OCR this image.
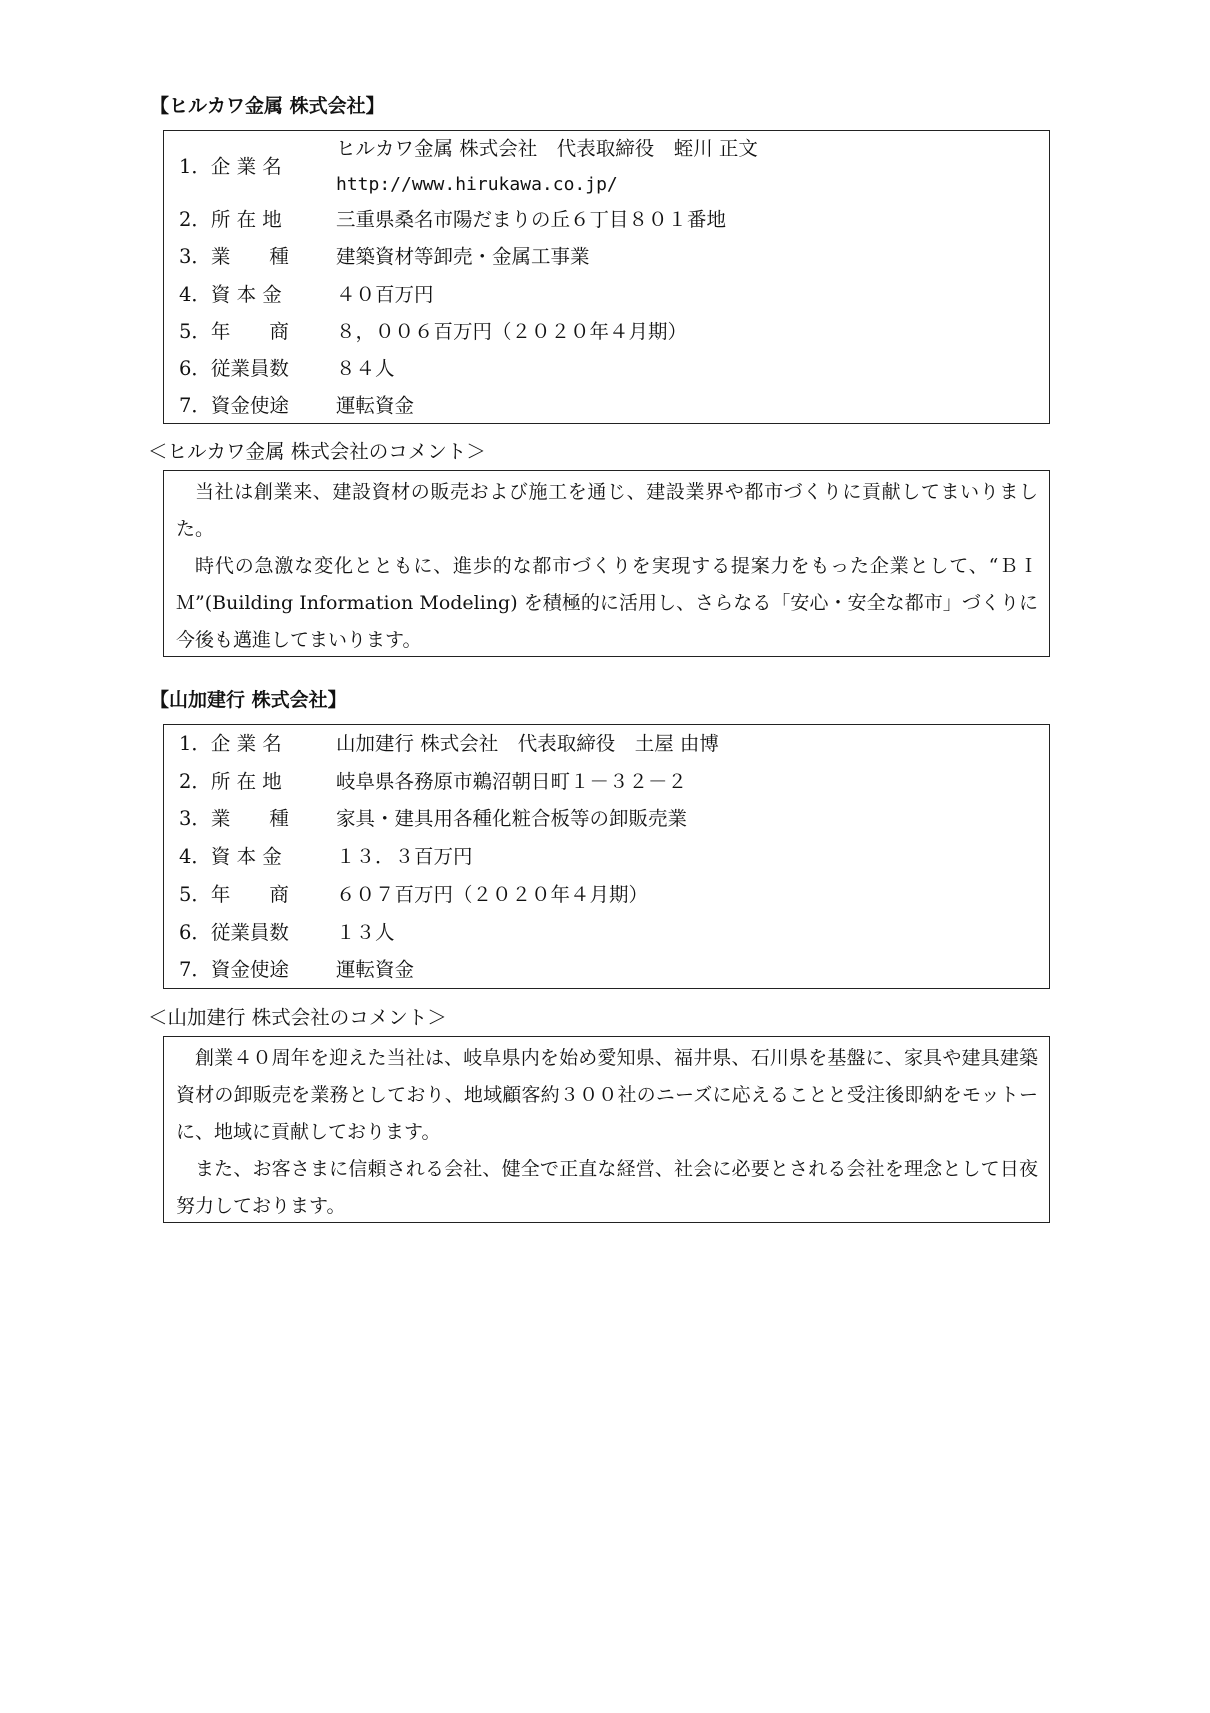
【ヒルカワ金属 株式会社】
1．企 業 名
ヒルカワ金属 株式会社　代表取締役　蛭川 正文
http://www.hirukawa.co.jp/
2．所 在 地	三重県桑名市陽だまりの丘６丁目８０１番地
3．業　　種 建築資材等卸売・金属工事業
4．資 本 金	４０百万円
5．年　　商 ８，００６百万円（２０２０年４月期）
6．従業員数 ８４人
7．資金使途 運転資金
＜ヒルカワ金属 株式会社のコメント＞

当社は創業来、建設資材の販売および施工を通じ、建設業界や都市づくりに貢献してまいりました。

時代の急激な変化とともに、進歩的な都市づくりを実現する提案力をもった企業として、“ＢＩＭ”(Building Information Modeling) を積極的に活用し、さらなる「安心・安全な都市」づくりに今後も邁進してまいります。

【山加建行 株式会社】
1．企 業 名	山加建行 株式会社　代表取締役　土屋 由博
2．所 在 地	岐阜県各務原市鵜沼朝日町１－３２－２
3．業　　種 家具・建具用各種化粧合板等の卸販売業
4．資 本 金	１３．３百万円
5．年　　商 ６０７百万円（２０２０年４月期）
6．従業員数 １３人
7．資金使途 運転資金
＜山加建行 株式会社のコメント＞

創業４０周年を迎えた当社は、岐阜県内を始め愛知県、福井県、石川県を基盤に、家具や建具建築資材の卸販売を業務としており、地域顧客約３００社のニーズに応えることと受注後即納をモットーに、地域に貢献しております。

また、お客さまに信頼される会社、健全で正直な経営、社会に必要とされる会社を理念として日夜努力しております。
